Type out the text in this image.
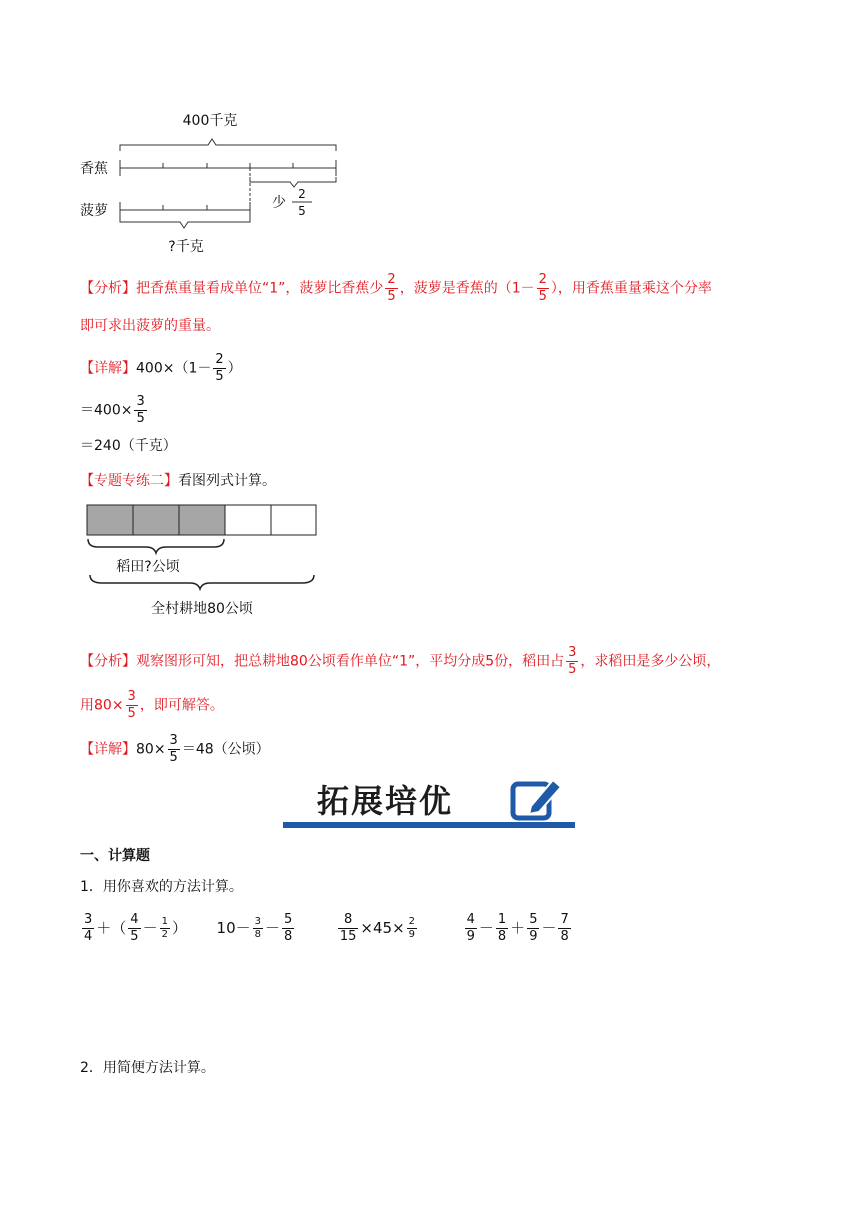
400千克
香蕉
菠萝	少
2
5
?千克
【分析】把香蕉重量看成单位“1”，菠萝比香蕉少 $\frac{2}{5}$ ，菠萝是香蕉的（$1- \frac{2}{5}$ ），用香蕉重量乘这个分率
即可求出菠萝的重量。
【详解】$400\times(1- \frac{2}{5}$ ）
$=400\times \frac{3}{5}$
＝240（千克）
【专题专练二】看图列式计算。
稻田?公顷
全村耕地80公顷
【分析】观察图形可知，把总耕地80公顷看作单位“1”，平均分成5份，稻田占 $\frac{3}{5}$ ，求稻田是多少公顷，
用$80\times \frac{3}{5}$ ，即可解答。
【详解】$80\times \frac{3}{5} =48$（公顷）
拓展培优
一、计算题
1．用你喜欢的方法计算。
$\frac{3}{4}$ ＋（ $\frac{4}{5} - \frac{1}{2}$ ） $10- \frac{3}{8} - \frac{5}{8}$
	$\frac{8}{15} \times 45\times \frac{2}{9}$
	$\frac{4}{9} - \frac{1}{8} + \frac{5}{9} - \frac{7}{8}$
2．用简便方法计算。
